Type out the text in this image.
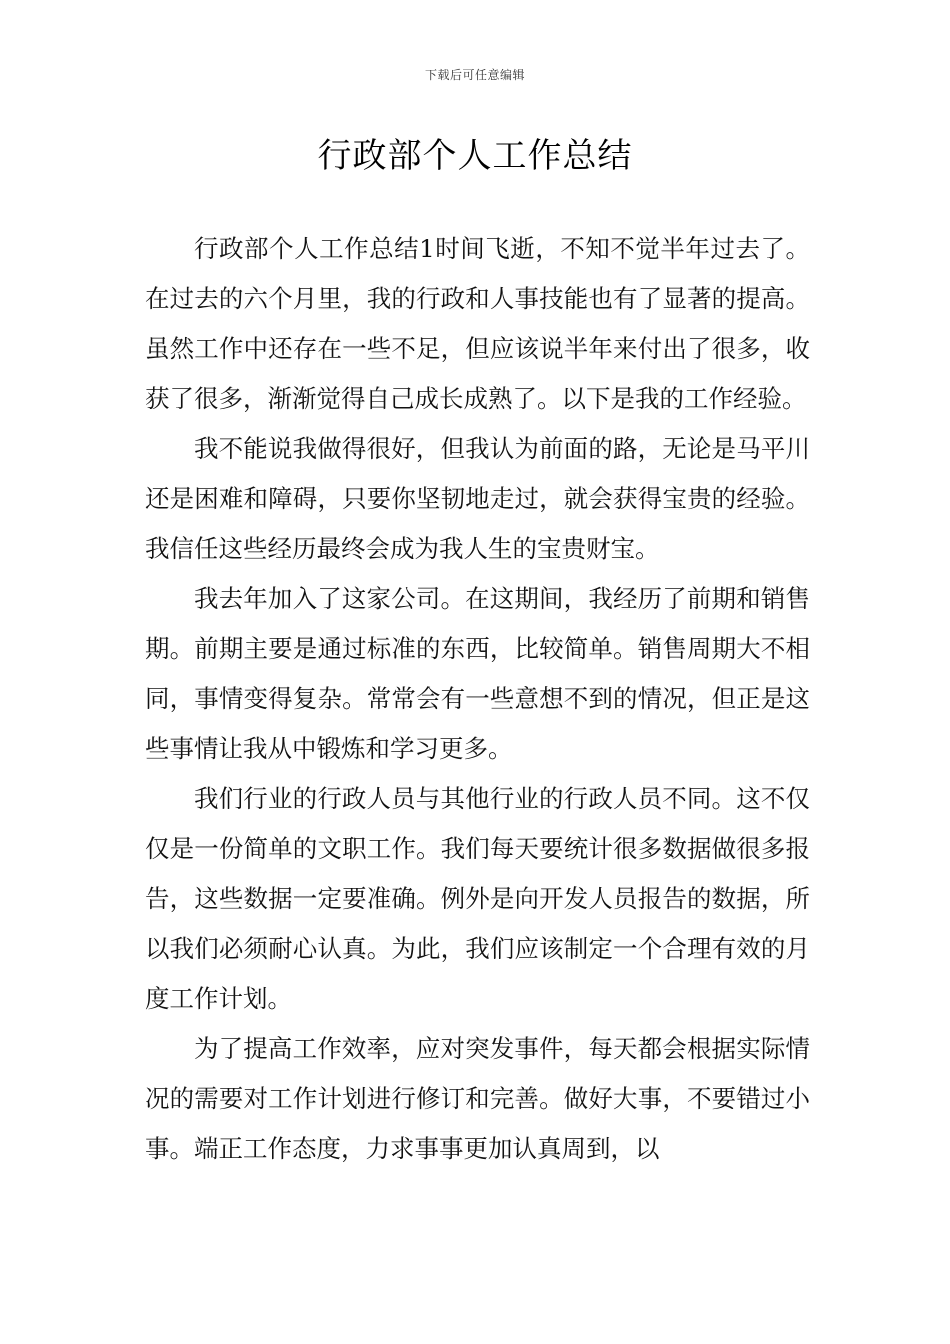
下载后可任意编辑
行政部个人工作总结

行政部个人工作总结1时间飞逝，不知不觉半年过去了。在过去的六个月里，我的行政和人事技能也有了显著的提高。虽然工作中还存在一些不足，但应该说半年来付出了很多，收获了很多，渐渐觉得自己成长成熟了。以下是我的工作经验。

我不能说我做得很好，但我认为前面的路，无论是马平川还是困难和障碍，只要你坚韧地走过，就会获得宝贵的经验。我信任这些经历最终会成为我人生的宝贵财宝。

我去年加入了这家公司。在这期间，我经历了前期和销售期。前期主要是通过标准的东西，比较简单。销售周期大不相同，事情变得复杂。常常会有一些意想不到的情况，但正是这些事情让我从中锻炼和学习更多。

我们行业的行政人员与其他行业的行政人员不同。这不仅仅是一份简单的文职工作。我们每天要统计很多数据做很多报告，这些数据一定要准确。例外是向开发人员报告的数据，所以我们必须耐心认真。为此，我们应该制定一个合理有效的月度工作计划。

为了提高工作效率，应对突发事件，每天都会根据实际情况的需要对工作计划进行修订和完善。做好大事，不要错过小事。端正工作态度，力求事事更加认真周到，以
